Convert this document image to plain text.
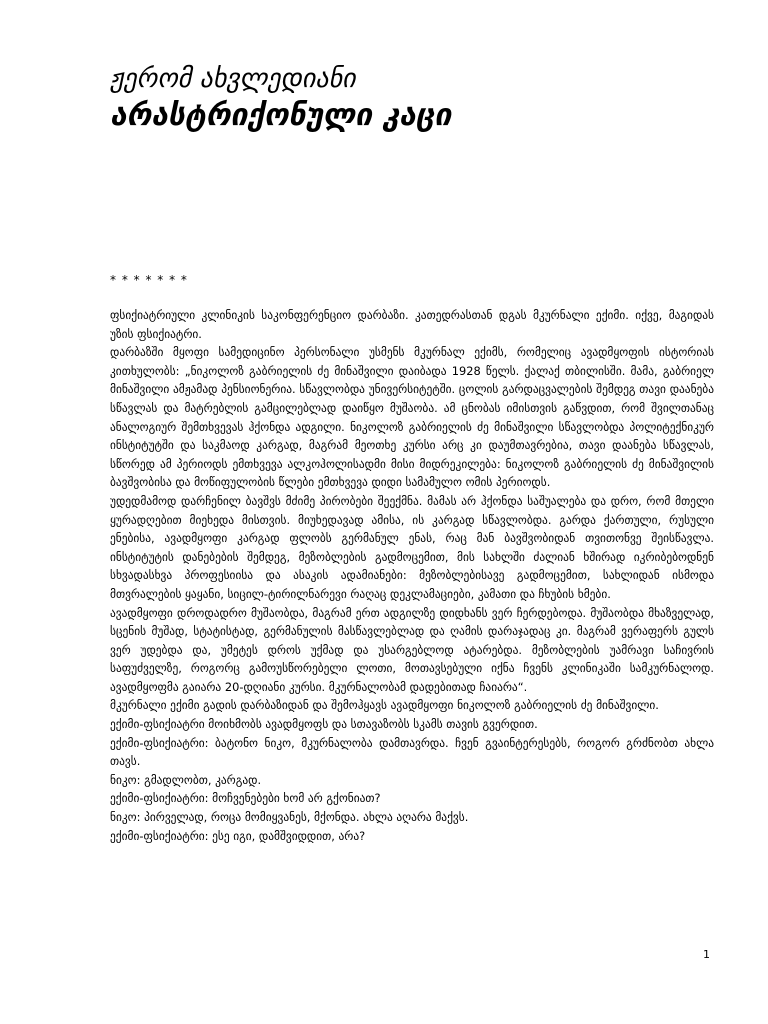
ჟერომ ახვლედიანი
არასტრიქონული კაცი
* * * * * * *

ფსიქიატრიული კლინიკის საკონფერენციო დარბაზი. კათედრასთან დგას მკურნალი ექიმი. იქვე, მაგიდას უზის ფსიქიატრი.

დარბაზში მყოფი სამედიცინო პერსონალი უსმენს მკურნალ ექიმს, რომელიც ავადმყოფის ისტორიას კითხულობს: „ნიკოლოზ გაბრიელის ძე მინაშვილი დაიბადა 1928 წელს. ქალაქ თბილისში. მამა, გაბრიელ მინაშვილი ამჟამად პენსიონერია. სწავლობდა უნივერსიტეტში. ცოლის გარდაცვალების შემდეგ თავი დაანება სწავლას და მატრებლის გამცილებლად დაიწყო მუშაობა. ამ ცნობას იმისთვის გაწვდით, რომ შვილთანაც ანალოგიურ შემთხვევას ჰქონდა ადგილი. ნიკოლოზ გაბრიელის ძე მინაშვილი სწავლობდა პოლიტექნიკურ ინსტიტუტში და საკმაოდ კარგად, მაგრამ მეოთხე კურსი არც კი დაუმთავრებია, თავი დაანება სწავლას, სწორედ ამ პერიოდს ემთხვევა ალკოჰოლისადმი მისი მიდრეკილება: ნიკოლოზ გაბრიელის ძე მინაშვილის ბავშვობისა და მოწიფულობის წლები ემთხვევა დიდი სამამულო ომის პერიოდს.

უდედმამოდ დარჩენილ ბავშვს მძიმე პირობები შეექმნა. მამას არ ჰქონდა საშუალება და დრო, რომ მთელი ყურადღებით მიეხედა მისთვის. მიუხედავად ამისა, ის კარგად სწავლობდა. გარდა ქართული, რუსული ენებისა, ავადმყოფი კარგად ფლობს გერმანულ ენას, რაც მან ბავშვობიდან თვითონვე შეისწავლა. ინსტიტუტის დანებების შემდეგ, მეზობლების გადმოცემით, მის სახლში ძალიან ხშირად იკრიბებოდნენ სხვადასხვა პროფესიისა და ასაკის ადამიანები: მეზობლებისავე გადმოცემით, სახლიდან ისმოდა მთვრალების ყაყანი, სიცილ-ტირილნარევი რაღაც დეკლამაციები, კამათი და ჩხუბის ხმები.

ავადმყოფი დროდადრო მუშაობდა, მაგრამ ერთ ადგილზე დიდხანს ვერ ჩერდებოდა. მუშაობდა მხაზველად, სცენის მუშად, სტატისტად, გერმანულის მასწავლებლად და ღამის დარაჯადაც კი. მაგრამ ვერაფერს გულს ვერ უდებდა და, უმეტეს დროს უქმად და უსარგებლოდ ატარებდა. მეზობლების უამრავი საჩივრის საფუძველზე, როგორც გამოუსწორებელი ლოთი, მოთავსებული იქნა ჩვენს კლინიკაში სამკურნალოდ. ავადმყოფმა გაიარა 20-დღიანი კურსი. მკურნალობამ დადებითად ჩაიარა“.

მკურნალი ექიმი გადის დარბაზიდან და შემოჰყავს ავადმყოფი ნიკოლოზ გაბრიელის ძე მინაშვილი.

ექიმი-ფსიქიატრი მოიხმობს ავადმყოფს და სთავაზობს სკამს თავის გვერდით.

ექიმი-ფსიქიატრი: ბატონო ნიკო, მკურნალობა დამთავრდა. ჩვენ გვაინტერესებს, როგორ გრძნობთ ახლა თავს.

ნიკო: გმადლობთ, კარგად.

ექიმი-ფსიქიატრი: მოჩვენებები ხომ არ გქონიათ?

ნიკო: პირველად, როცა მომიყვანეს, მქონდა. ახლა აღარა მაქვს.

ექიმი-ფსიქიატრი: ესე იგი, დამშვიდდით, არა?

1
